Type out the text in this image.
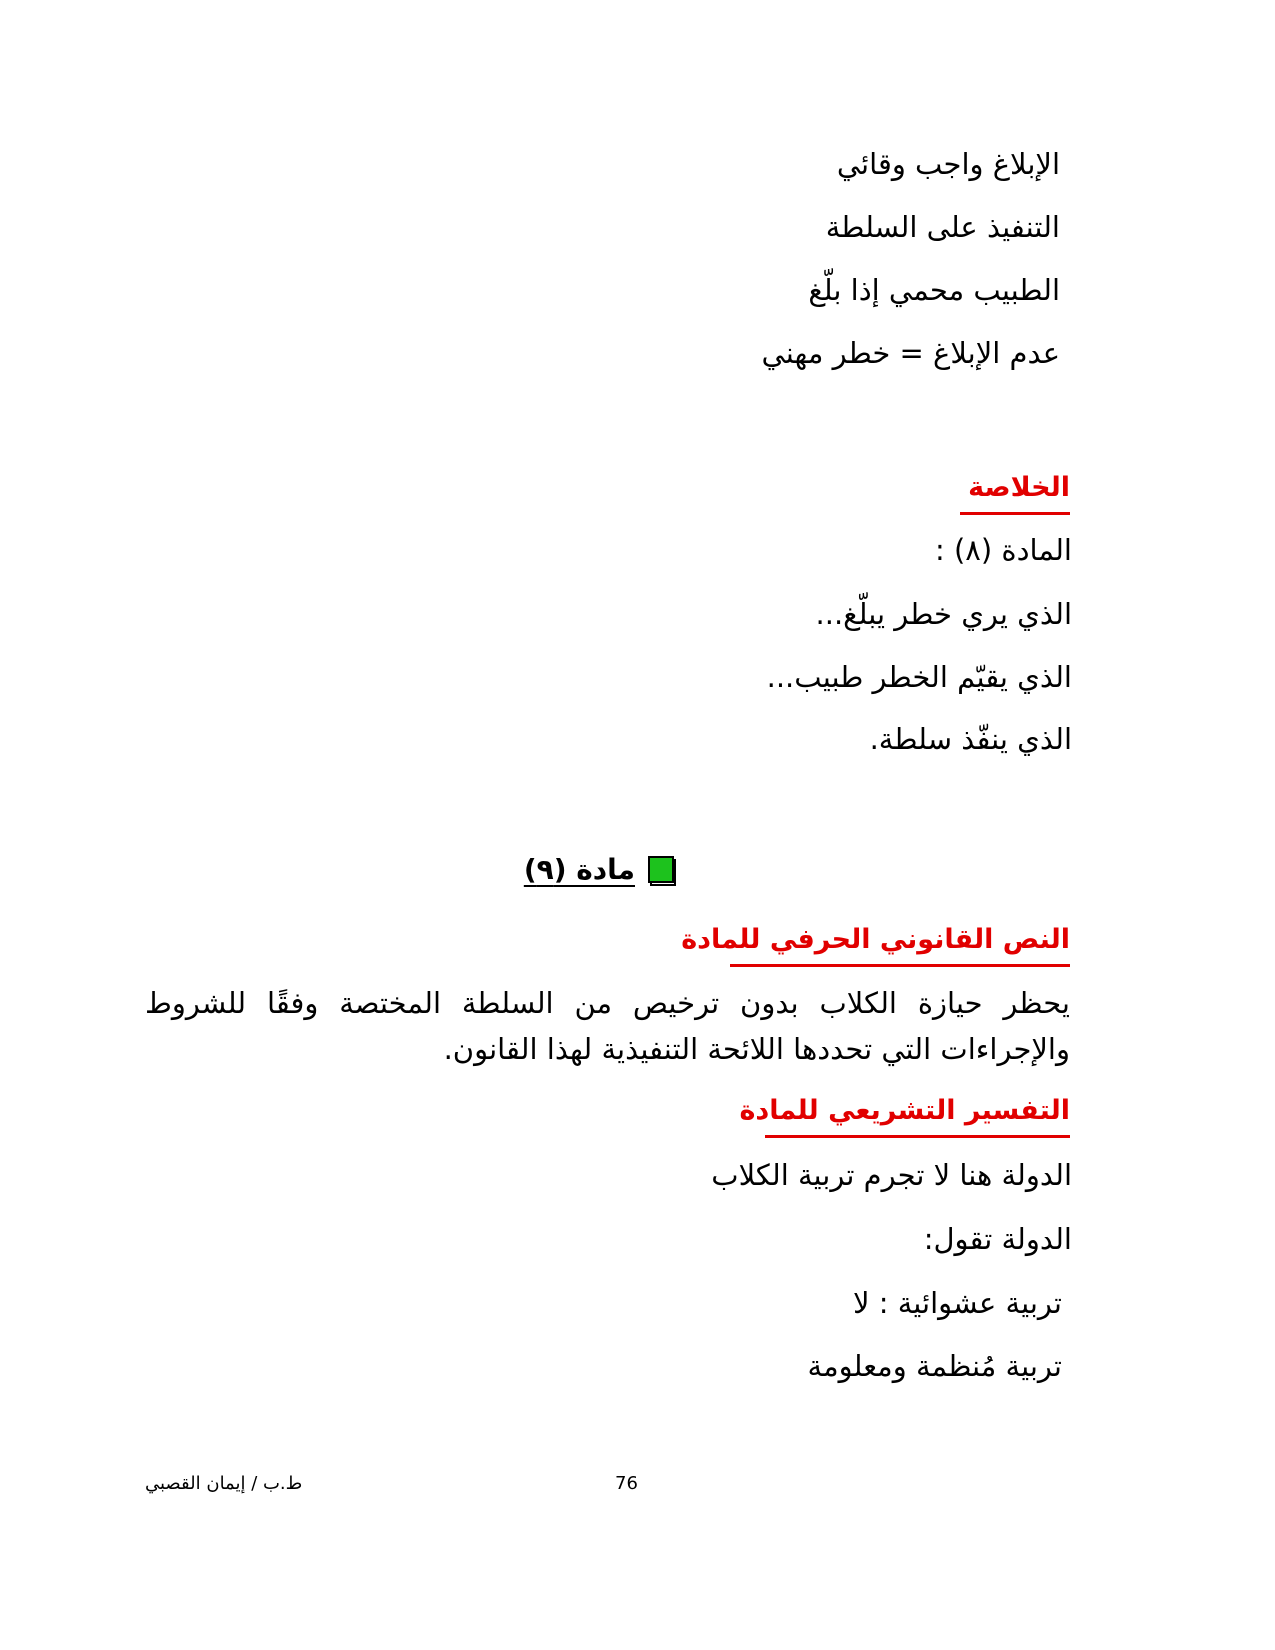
الإبلاغ واجب وقائي
التنفيذ على السلطة
الطبيب محمي إذا بلّغ
عدم الإبلاغ = خطر مهني
الخلاصة
المادة (٨) :
الذي يري خطر يبلّغ...
الذي يقيّم الخطر طبيب...
الذي ينفّذ سلطة.
مادة (٩)
النص القانوني الحرفي للمادة
يحظر حيازة الكلاب بدون ترخيص من السلطة المختصة وفقًا للشروط والإجراءات التي تحددها اللائحة التنفيذية لهذا القانون.
التفسير التشريعي للمادة
الدولة هنا لا تجرم تربية الكلاب
الدولة تقول:
تربية عشوائية : لا
تربية مُنظمة ومعلومة
76
ط.ب / إيمان القصبي
